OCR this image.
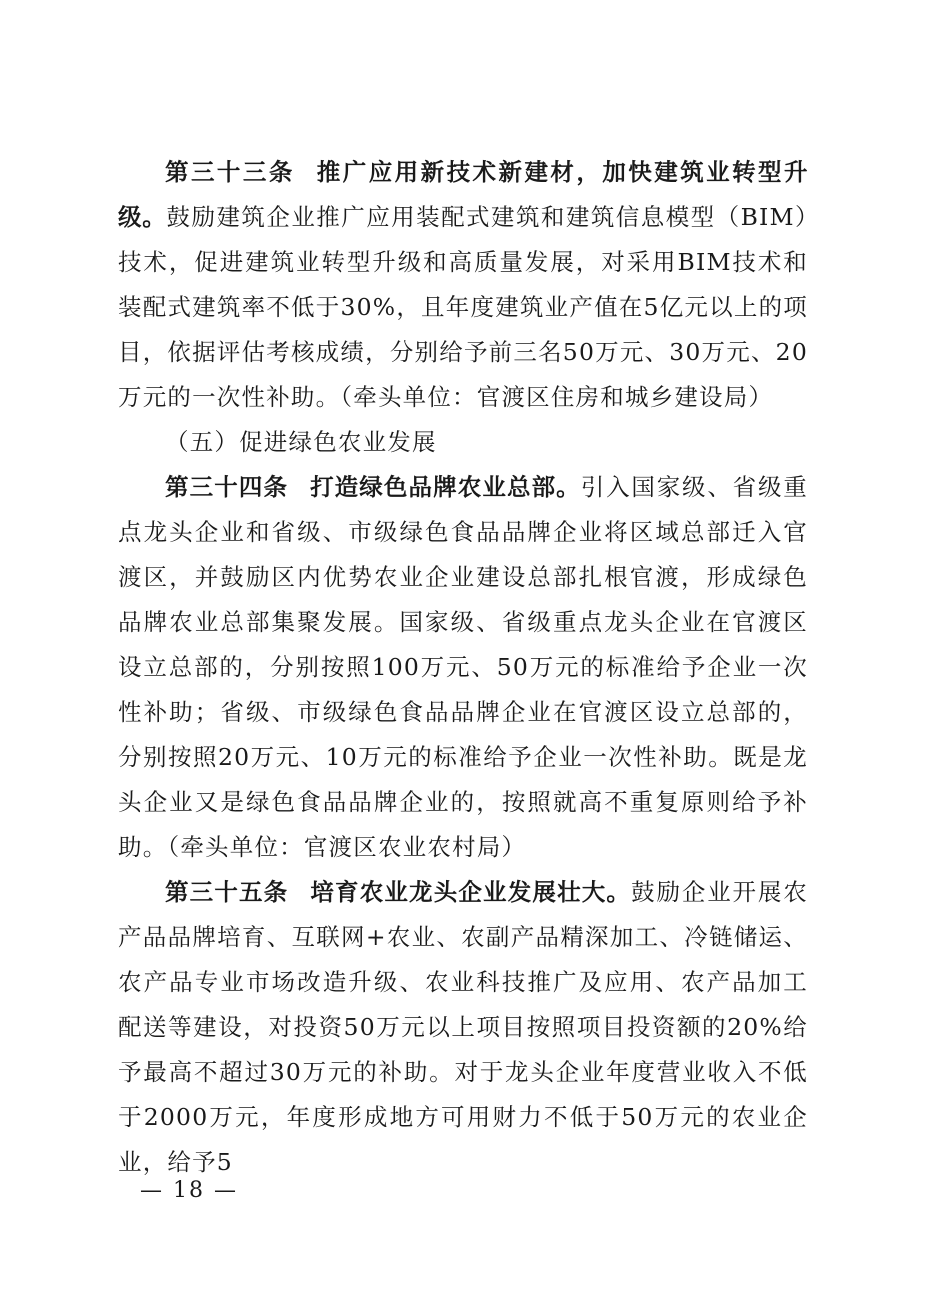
第三十三条 推广应用新技术新建材，加快建筑业转型升级。鼓励建筑企业推广应用装配式建筑和建筑信息模型（BIM）技术，促进建筑业转型升级和高质量发展，对采用BIM技术和装配式建筑率不低于30%，且年度建筑业产值在5亿元以上的项目，依据评估考核成绩，分别给予前三名50万元、30万元、20万元的一次性补助。（牵头单位：官渡区住房和城乡建设局）

（五）促进绿色农业发展

第三十四条 打造绿色品牌农业总部。引入国家级、省级重点龙头企业和省级、市级绿色食品品牌企业将区域总部迁入官渡区，并鼓励区内优势农业企业建设总部扎根官渡，形成绿色品牌农业总部集聚发展。国家级、省级重点龙头企业在官渡区设立总部的，分别按照100万元、50万元的标准给予企业一次性补助；省级、市级绿色食品品牌企业在官渡区设立总部的，分别按照20万元、10万元的标准给予企业一次性补助。既是龙头企业又是绿色食品品牌企业的，按照就高不重复原则给予补助。（牵头单位：官渡区农业农村局）

第三十五条 培育农业龙头企业发展壮大。鼓励企业开展农产品品牌培育、互联网+农业、农副产品精深加工、冷链储运、农产品专业市场改造升级、农业科技推广及应用、农产品加工配送等建设，对投资50万元以上项目按照项目投资额的20%给予最高不超过30万元的补助。对于龙头企业年度营业收入不低于2000万元，年度形成地方可用财力不低于50万元的农业企业，给予5

— 18 —
